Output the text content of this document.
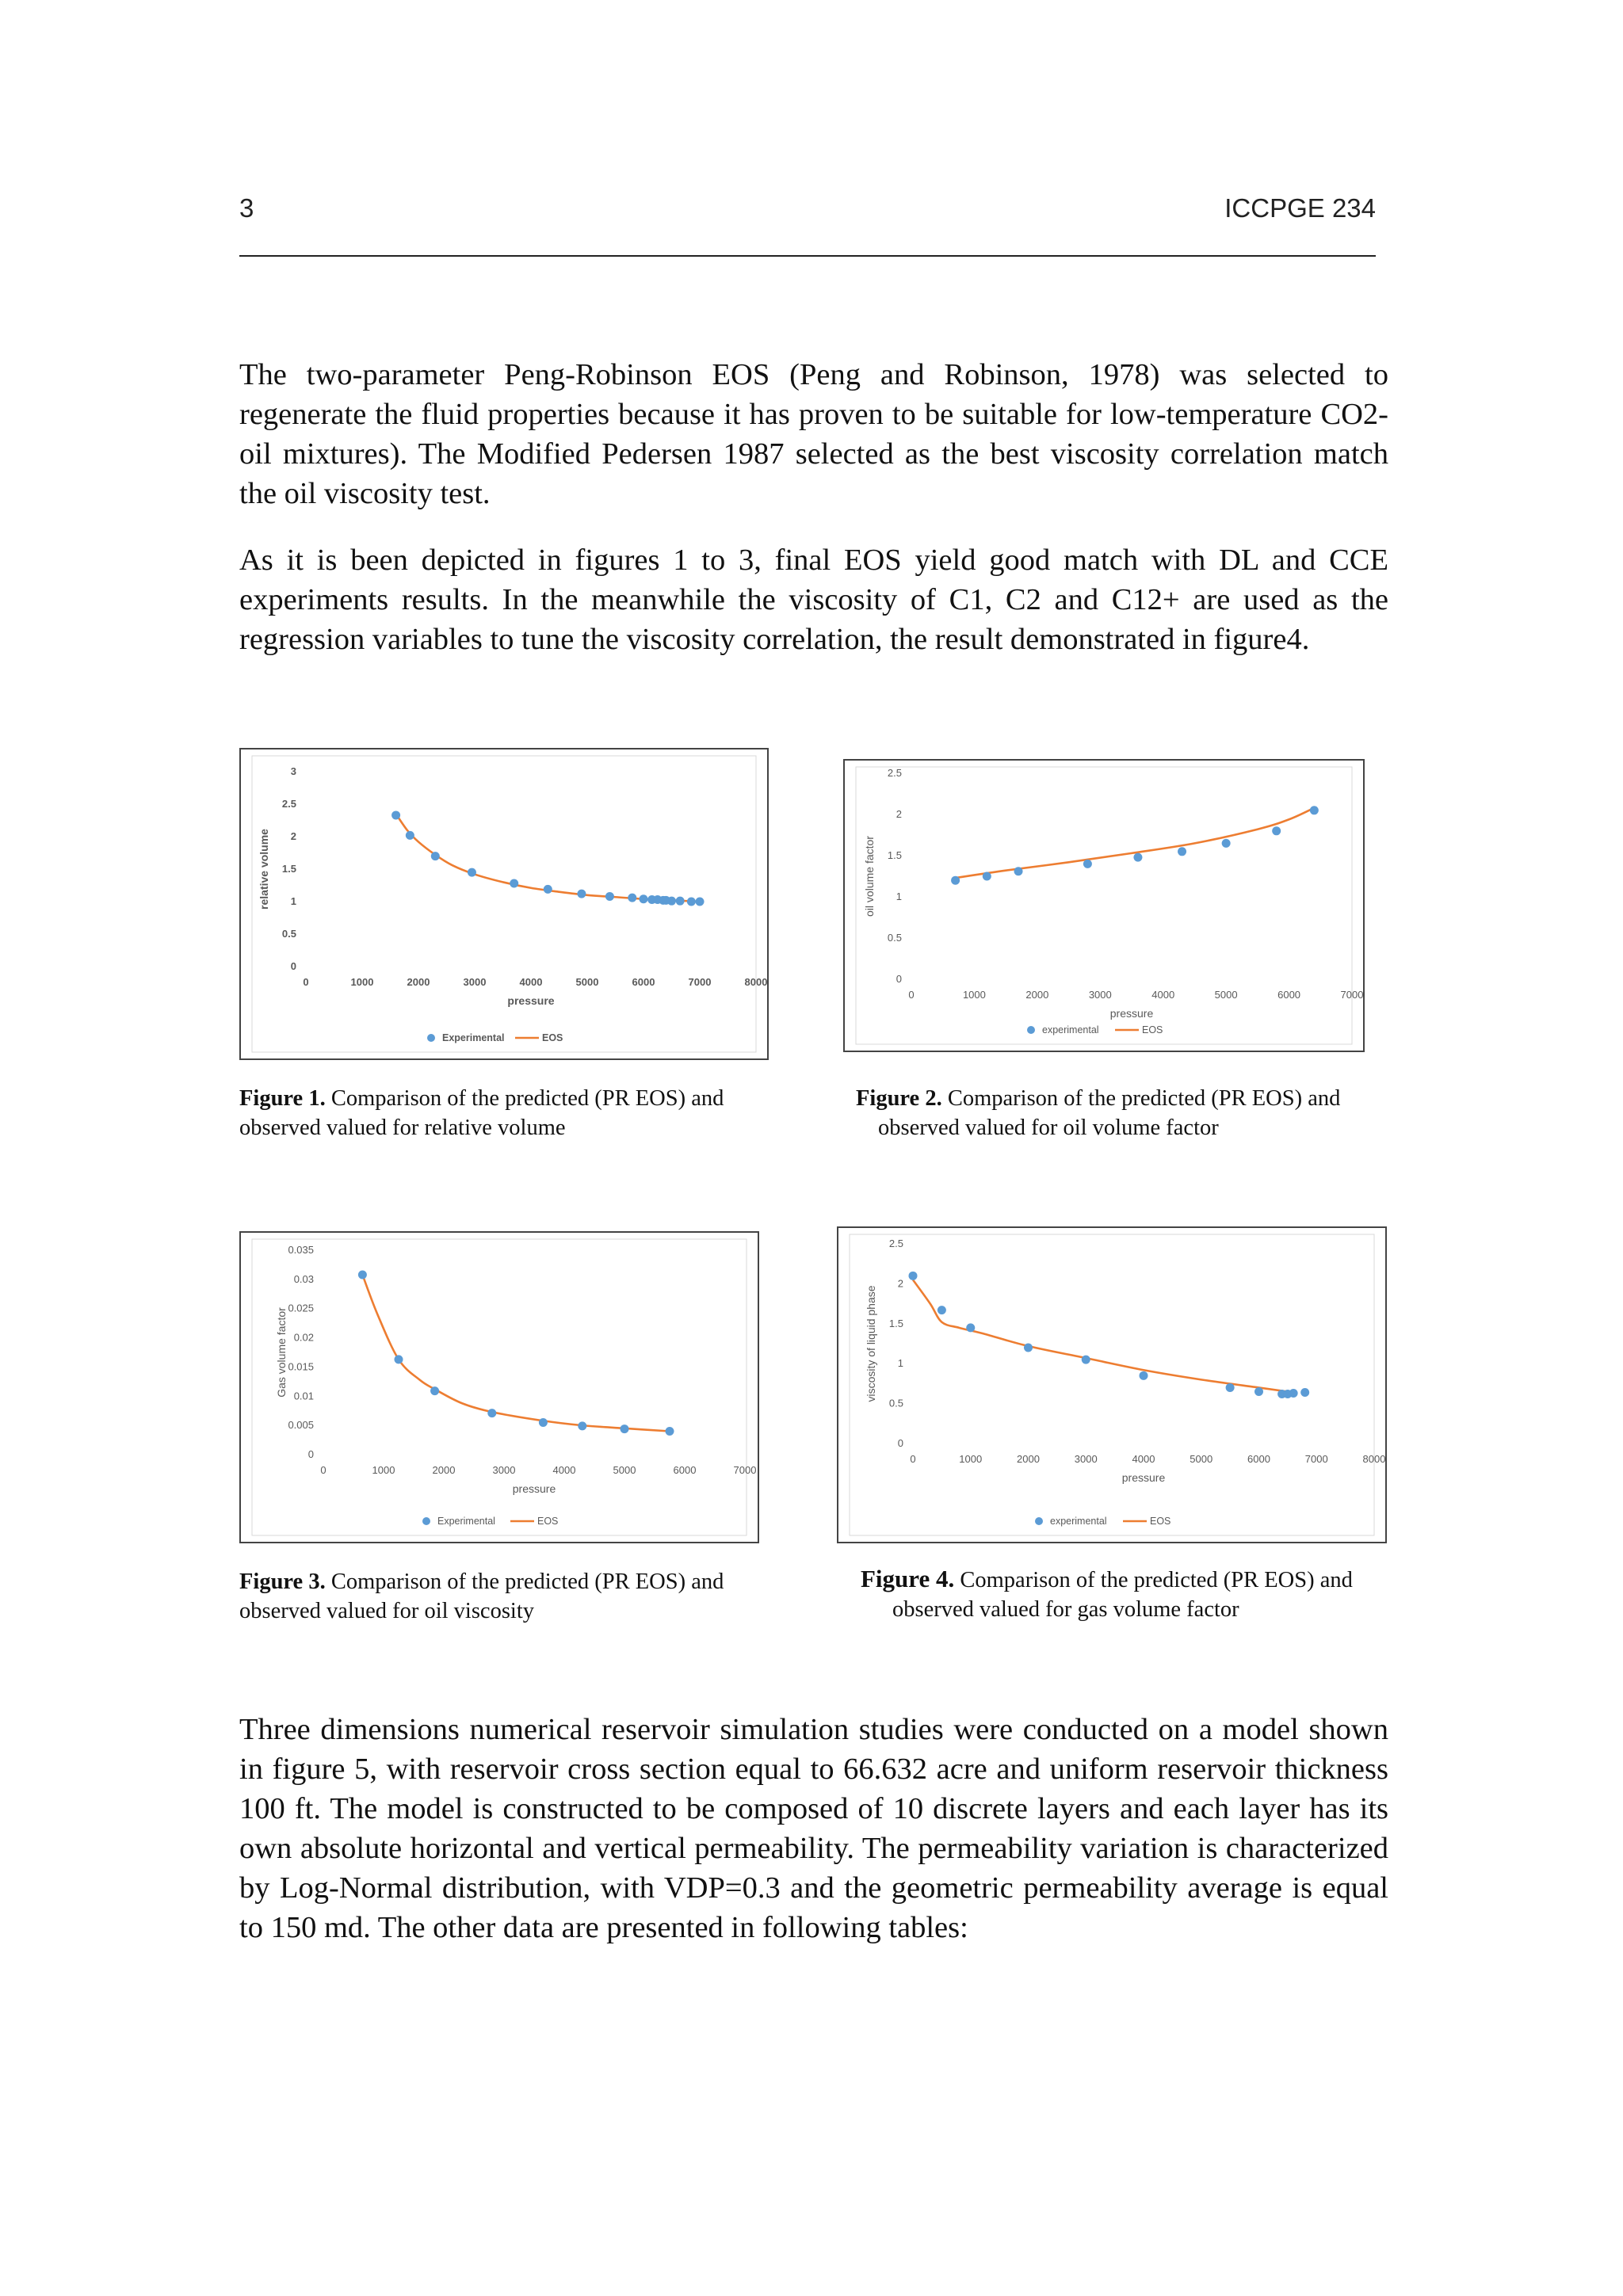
3	ICCPGE 234

The two-parameter Peng-Robinson EOS (Peng and Robinson, 1978) was selected to regenerate the fluid properties because it has proven to be suitable for low-temperature CO2-oil mixtures). The Modified Pedersen 1987 selected as the best viscosity correlation match the oil viscosity test.

As it is been depicted in figures 1 to 3, final EOS yield good match with DL and CCE experiments results. In the meanwhile the viscosity of C1, C2 and C12+ are used as the regression variables to tune the viscosity correlation, the result demonstrated in figure4.

0
0.5
1
1.5
2
2.5
3
0	1000	2000	3000	4000	5000	6000	7000	8000
pressure
relative volume
Experimental	EOS
0
0.5
1
1.5
2
2.5
0	1000	2000	3000	4000	5000	6000	7000
pressure
oil volume factor
experimental	EOS

Figure 1. Comparison of the predicted (PR EOS) and
observed valued for relative volume

Figure 2. Comparison of the predicted (PR EOS) and
observed valued for oil volume factor

0
0.005
0.01
0.015
0.02
0.025
0.03
0.035
0	1000	2000	3000	4000	5000	6000	7000
pressure
Gas volume factor
Experimental	EOS
0
0.5
1
1.5
2
2.5
0	1000	2000	3000	4000	5000	6000	7000	8000
pressure
viscosity of liquid phase
experimental	EOS

Figure 3. Comparison of the predicted (PR EOS) and
observed valued for oil viscosity

Figure 4. Comparison of the predicted (PR EOS) and
observed valued for gas volume factor

Three dimensions numerical reservoir simulation studies were conducted on a model shown in figure 5, with reservoir cross section equal to 66.632 acre and uniform reservoir thickness 100 ft. The model is constructed to be composed of 10 discrete layers and each layer has its own absolute horizontal and vertical permeability. The permeability variation is characterized by Log-Normal distribution, with VDP=0.3 and the geometric permeability average is equal to 150 md. The other data are presented in following tables:
